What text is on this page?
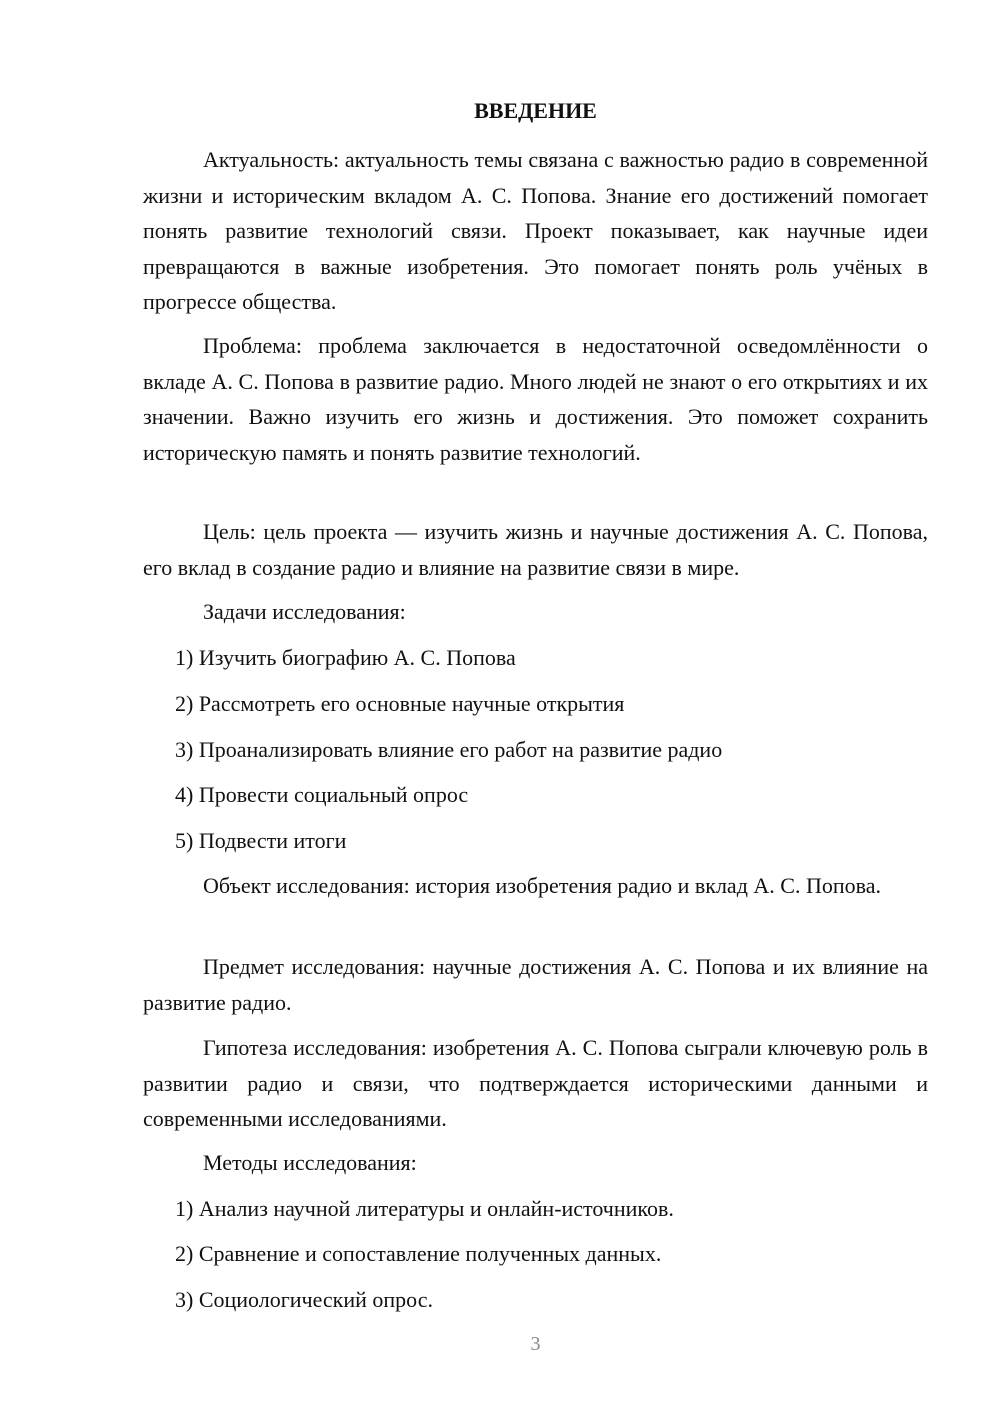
ВВЕДЕНИЕ

Актуальность: актуальность темы связана с важностью радио в современной жизни и историческим вкладом А. С. Попова. Знание его достижений помогает понять развитие технологий связи. Проект показывает, как научные идеи превращаются в важные изобретения. Это помогает понять роль учёных в прогрессе общества.

Проблема: проблема заключается в недостаточной осведомлённости о вкладе А. С. Попова в развитие радио. Много людей не знают о его открытиях и их значении. Важно изучить его жизнь и достижения. Это поможет сохранить историческую память и понять развитие технологий.

Цель: цель проекта — изучить жизнь и научные достижения А. С. Попова, его вклад в создание радио и влияние на развитие связи в мире.

Задачи исследования:

1) Изучить биографию А. С. Попова

2) Рассмотреть его основные научные открытия

3) Проанализировать влияние его работ на развитие радио

4) Провести социальный опрос

5) Подвести итоги

Объект исследования: история изобретения радио и вклад А. С. Попова.

Предмет исследования: научные достижения А. С. Попова и их влияние на развитие радио.

Гипотеза исследования: изобретения А. С. Попова сыграли ключевую роль в развитии радио и связи, что подтверждается историческими данными и современными исследованиями.

Методы исследования:

1) Анализ научной литературы и онлайн-источников.

2) Сравнение и сопоставление полученных данных.

3) Социологический опрос.

3
